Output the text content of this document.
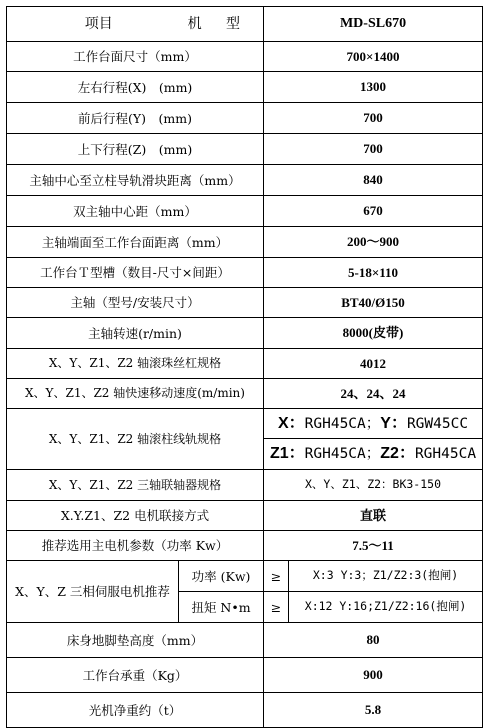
项目 机 型		MD-SL670	
工作台面尺寸（mm）		700×1400	
左右行程(X)　(mm)		1300	
前后行程(Y)　(mm)		700	
上下行程(Z)　(mm)		700	
主轴中心至立柱导轨滑块距离（mm）		840	
双主轴中心距（mm）		670	
主轴端面至工作台面距离（mm）		200～900	
工作台Ｔ型槽（数目-尺寸×间距）		5-18×110	
主轴（型号/安装尺寸）		BT40/Ø150	
主轴转速(r/min)		8000(皮带)	
X、Y、Z1、Z2 轴滚珠丝杠规格		4012	
X、Y、Z1、Z2 轴快速移动速度(m/min)		24、24、24	
X、Y、Z1、Z2 轴滚柱线轨规格		X：RGH45CA；Y：RGW45CC	
		Z1：RGH45CA；Z2：RGH45CA	
X、Y、Z1、Z2 三轴联轴器规格		X、Y、Z1、Z2：BK3-150	
X.Y.Z1、Z2 电机联接方式		直联	
推荐选用主电机参数（功率 Kw）		7.5～11	
X、Y、Z 三相伺服电机推荐	功率 (Kw)	≥	X:3 Y:3；Z1/Z2:3(抱闸)
	扭矩 N•m	≥	X:12 Y:16;Z1/Z2:16(抱闸)
床身地脚垫高度（mm）		80	
工作台承重（Kg）		900	
光机净重约（t）		5.8	
